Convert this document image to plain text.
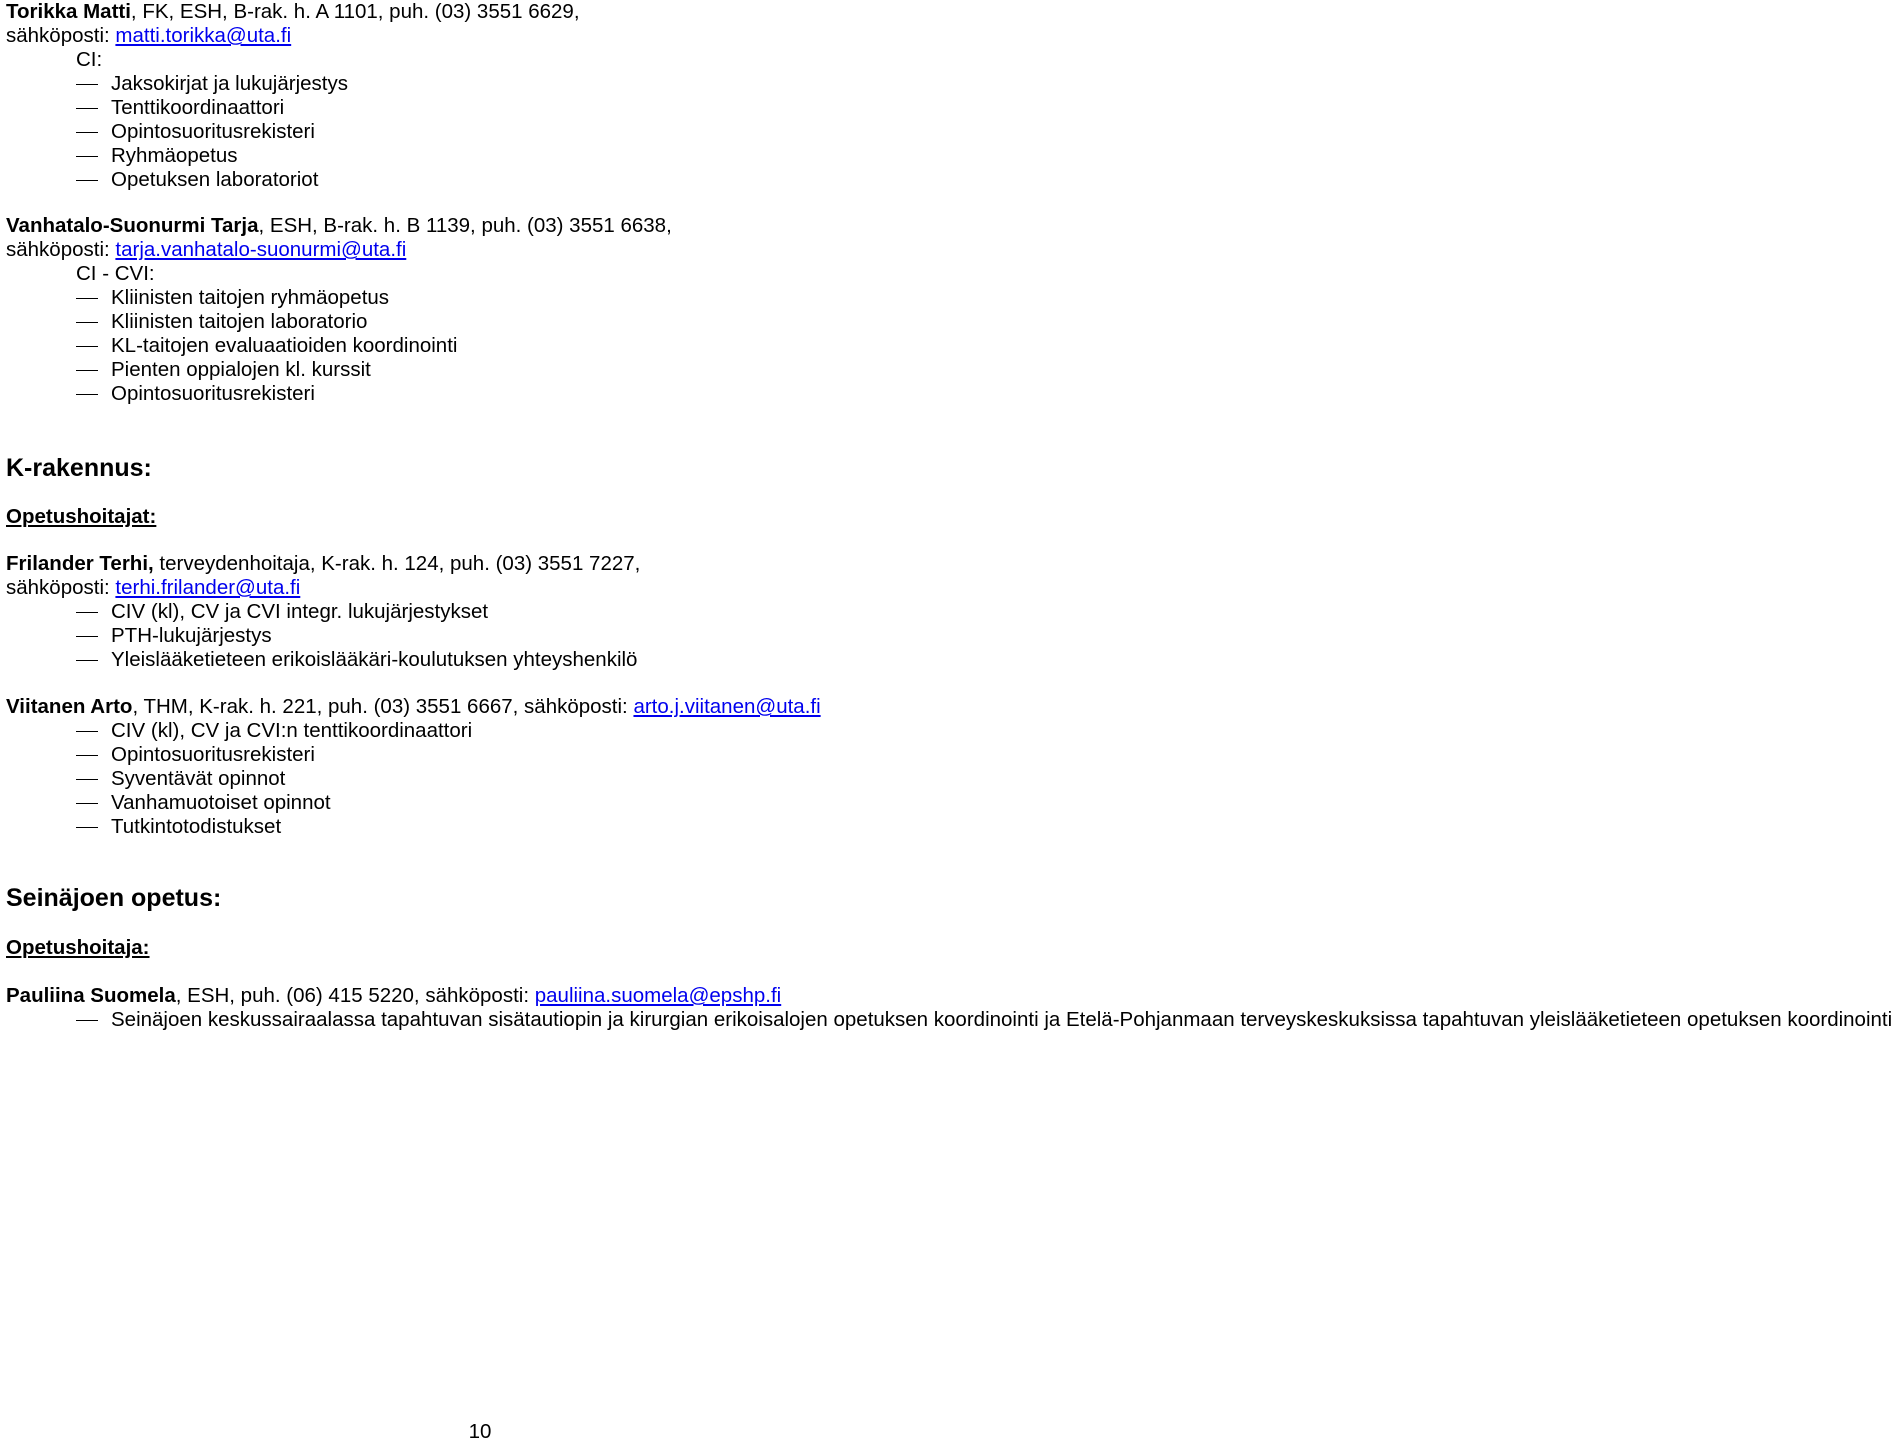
Torikka Matti, FK, ESH, B-rak. h. A 1101, puh. (03) 3551 6629,
sähköposti: matti.torikka@uta.fi
CI:
Jaksokirjat ja lukujärjestys
Tenttikoordinaattori
Opintosuoritusrekisteri
Ryhmäopetus
Opetuksen laboratoriot
Vanhatalo-Suonurmi Tarja, ESH, B-rak. h. B 1139, puh. (03) 3551 6638,
sähköposti: tarja.vanhatalo-suonurmi@uta.fi
CI - CVI:
Kliinisten taitojen ryhmäopetus
Kliinisten taitojen laboratorio
KL-taitojen evaluaatioiden koordinointi
Pienten oppialojen kl. kurssit
Opintosuoritusrekisteri
K-rakennus:
Opetushoitajat:
Frilander Terhi, terveydenhoitaja, K-rak. h. 124, puh. (03) 3551 7227,
sähköposti: terhi.frilander@uta.fi
CIV (kl), CV ja CVI integr. lukujärjestykset
PTH-lukujärjestys
Yleislääketieteen erikoislääkäri-koulutuksen yhteyshenkilö
Viitanen Arto, THM, K-rak. h. 221, puh. (03) 3551 6667, sähköposti: arto.j.viitanen@uta.fi
CIV (kl), CV ja CVI:n tenttikoordinaattori
Opintosuoritusrekisteri
Syventävät opinnot
Vanhamuotoiset opinnot
Tutkintotodistukset
Seinäjoen opetus:
Opetushoitaja:
Pauliina Suomela, ESH, puh. (06) 415 5220, sähköposti: pauliina.suomela@epshp.fi
Seinäjoen keskussairaalassa tapahtuvan sisätautiopin ja kirurgian erikoisalojen opetuksen koordinointi ja Etelä-Pohjanmaan terveyskeskuksissa tapahtuvan yleislääketieteen opetuksen koordinointi
10
